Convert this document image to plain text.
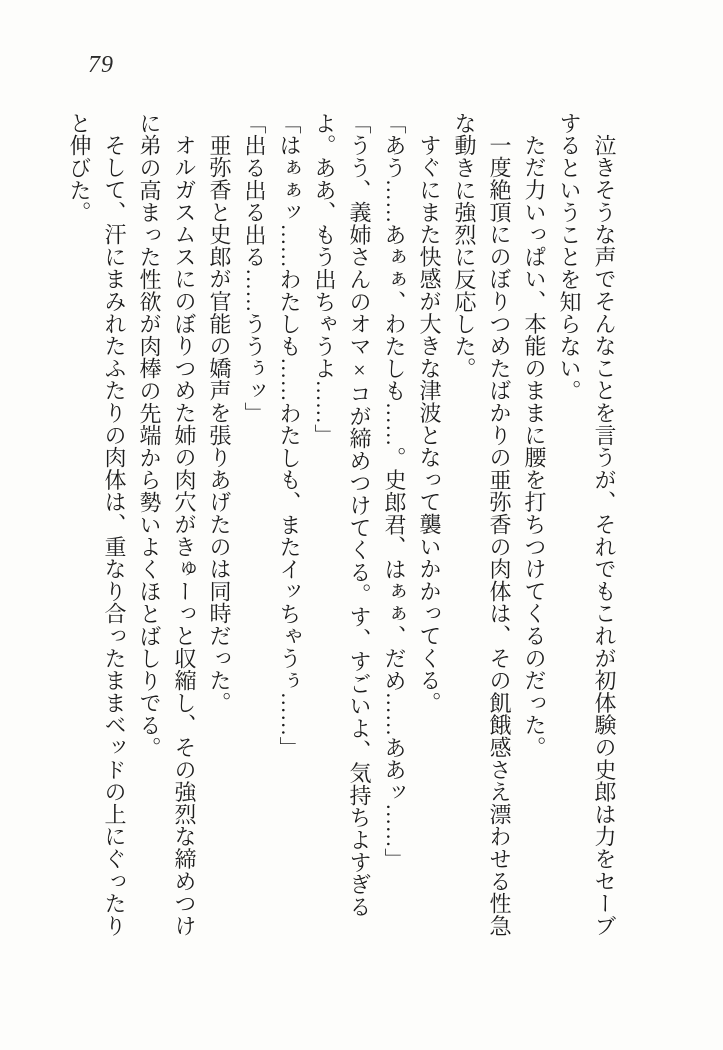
79

泣きそうな声でそんなことを言うが、それでもこれが初体験の史郎は力をセーブするということを知らない。

ただ力いっぱい、本能のままに腰を打ちつけてくるのだった。

一度絶頂にのぼりつめたばかりの亜弥香の肉体は、その飢餓感さえ漂わせる性急な動きに強烈に反応した。

すぐにまた快感が大きな津波となって襲いかかってくる。

「あう……あぁぁ、わたしも……。史郎君、はぁぁ、だめ……ああッ……」

「うう、義姉さんのオマ×コが締めつけてくる。す、すごいよ、気持ちよすぎるよ。ああ、もう出ちゃうよ……」

「はぁぁッ……わたしも……わたしも、またイッちゃうぅ……」

「出る出る出る……ううぅッ」

亜弥香と史郎が官能の嬌声を張りあげたのは同時だった。

オルガスムスにのぼりつめた姉の肉穴がきゅーっと収縮し、その強烈な締めつけに弟の高まった性欲が肉棒の先端から勢いよくほとばしりでる。

そして、汗にまみれたふたりの肉体は、重なり合ったままベッドの上にぐったりと伸びた。
